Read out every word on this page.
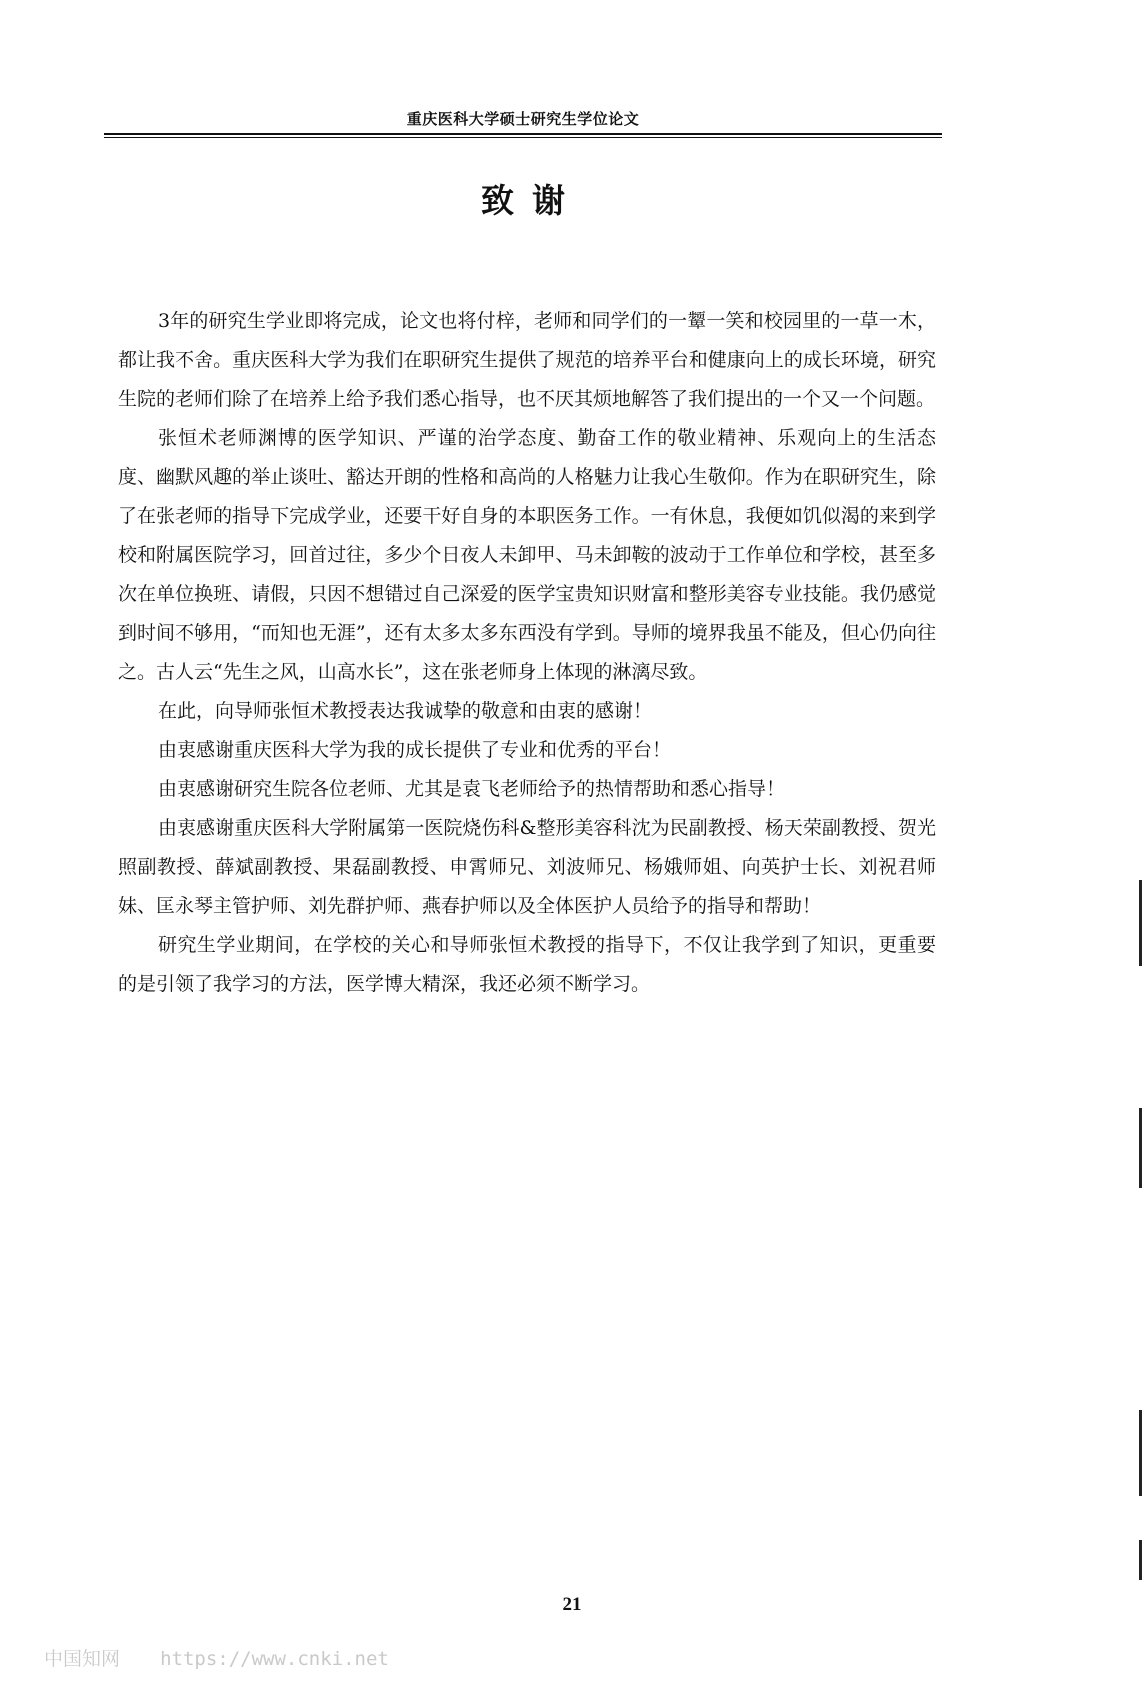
重庆医科大学硕士研究生学位论文
致谢

3年的研究生学业即将完成，论文也将付梓，老师和同学们的一颦一笑和校园里的一草一木，都让我不舍。重庆医科大学为我们在职研究生提供了规范的培养平台和健康向上的成长环境，研究生院的老师们除了在培养上给予我们悉心指导，也不厌其烦地解答了我们提出的一个又一个问题。

张恒术老师渊博的医学知识、严谨的治学态度、勤奋工作的敬业精神、乐观向上的生活态度、幽默风趣的举止谈吐、豁达开朗的性格和高尚的人格魅力让我心生敬仰。作为在职研究生，除了在张老师的指导下完成学业，还要干好自身的本职医务工作。一有休息，我便如饥似渴的来到学校和附属医院学习，回首过往，多少个日夜人未卸甲、马未卸鞍的波动于工作单位和学校，甚至多次在单位换班、请假，只因不想错过自己深爱的医学宝贵知识财富和整形美容专业技能。我仍感觉到时间不够用，“而知也无涯”，还有太多太多东西没有学到。导师的境界我虽不能及，但心仍向往之。古人云“先生之风，山高水长”，这在张老师身上体现的淋漓尽致。

在此，向导师张恒术教授表达我诚挚的敬意和由衷的感谢！

由衷感谢重庆医科大学为我的成长提供了专业和优秀的平台！

由衷感谢研究生院各位老师、尤其是袁飞老师给予的热情帮助和悉心指导！

由衷感谢重庆医科大学附属第一医院烧伤科&整形美容科沈为民副教授、杨天荣副教授、贺光照副教授、薛斌副教授、果磊副教授、申霄师兄、刘波师兄、杨娥师姐、向英护士长、刘祝君师妹、匡永琴主管护师、刘先群护师、燕春护师以及全体医护人员给予的指导和帮助！

研究生学业期间，在学校的关心和导师张恒术教授的指导下，不仅让我学到了知识，更重要的是引领了我学习的方法，医学博大精深，我还必须不断学习。

21
中国知网 https://www.cnki.net
